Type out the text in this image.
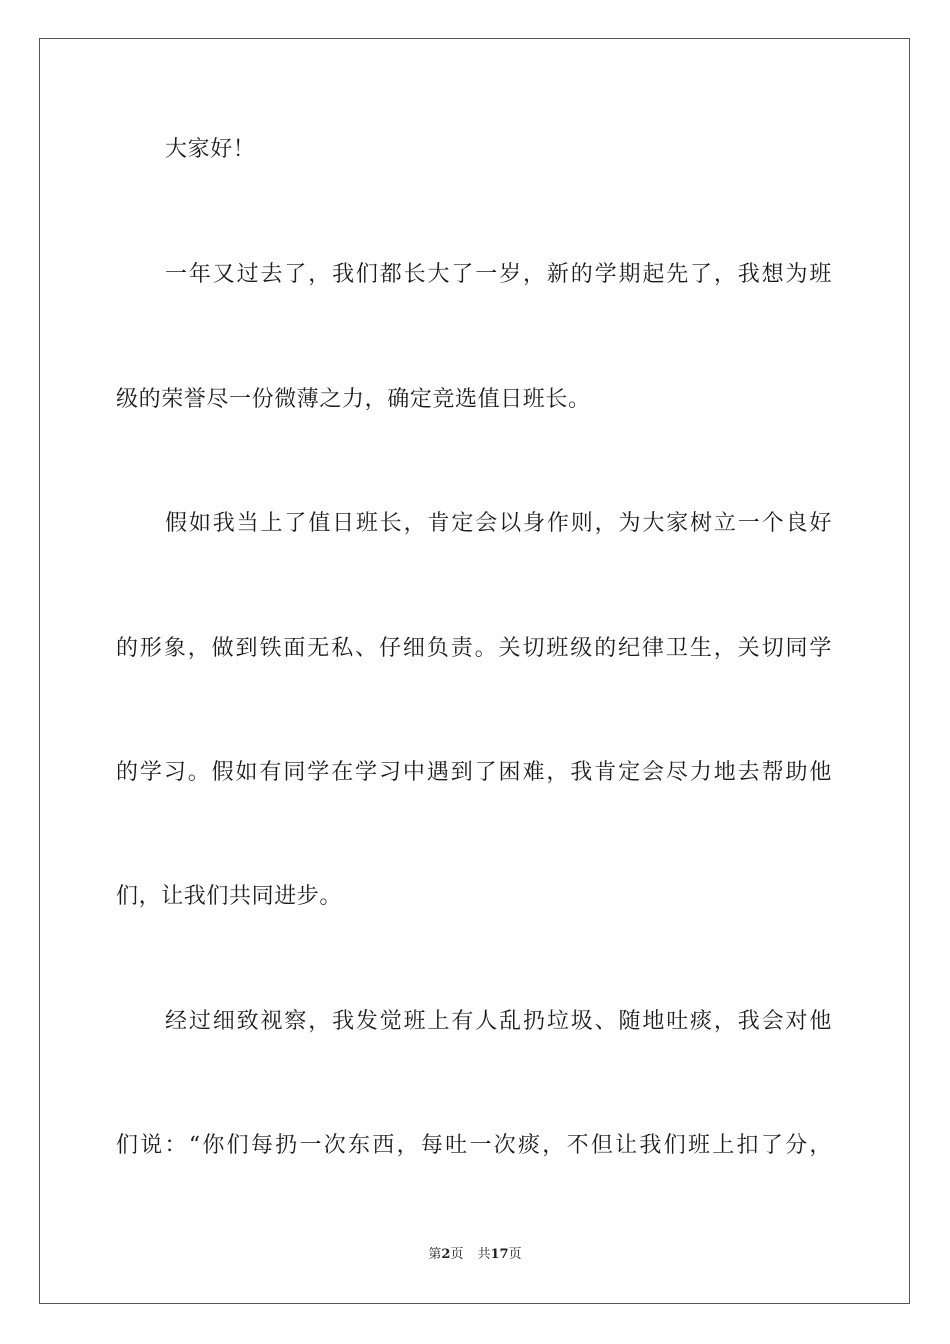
大家好！
一年又过去了，我们都长大了一岁，新的学期起先了，我想为班
级的荣誉尽一份微薄之力，确定竞选值日班长。
假如我当上了值日班长，肯定会以身作则，为大家树立一个良好
的形象，做到铁面无私、仔细负责。关切班级的纪律卫生，关切同学
的学习。假如有同学在学习中遇到了困难，我肯定会尽力地去帮助他
们，让我们共同进步。
经过细致视察，我发觉班上有人乱扔垃圾、随地吐痰，我会对他
们说：“你们每扔一次东西，每吐一次痰，不但让我们班上扣了分，
第2页 共17页
